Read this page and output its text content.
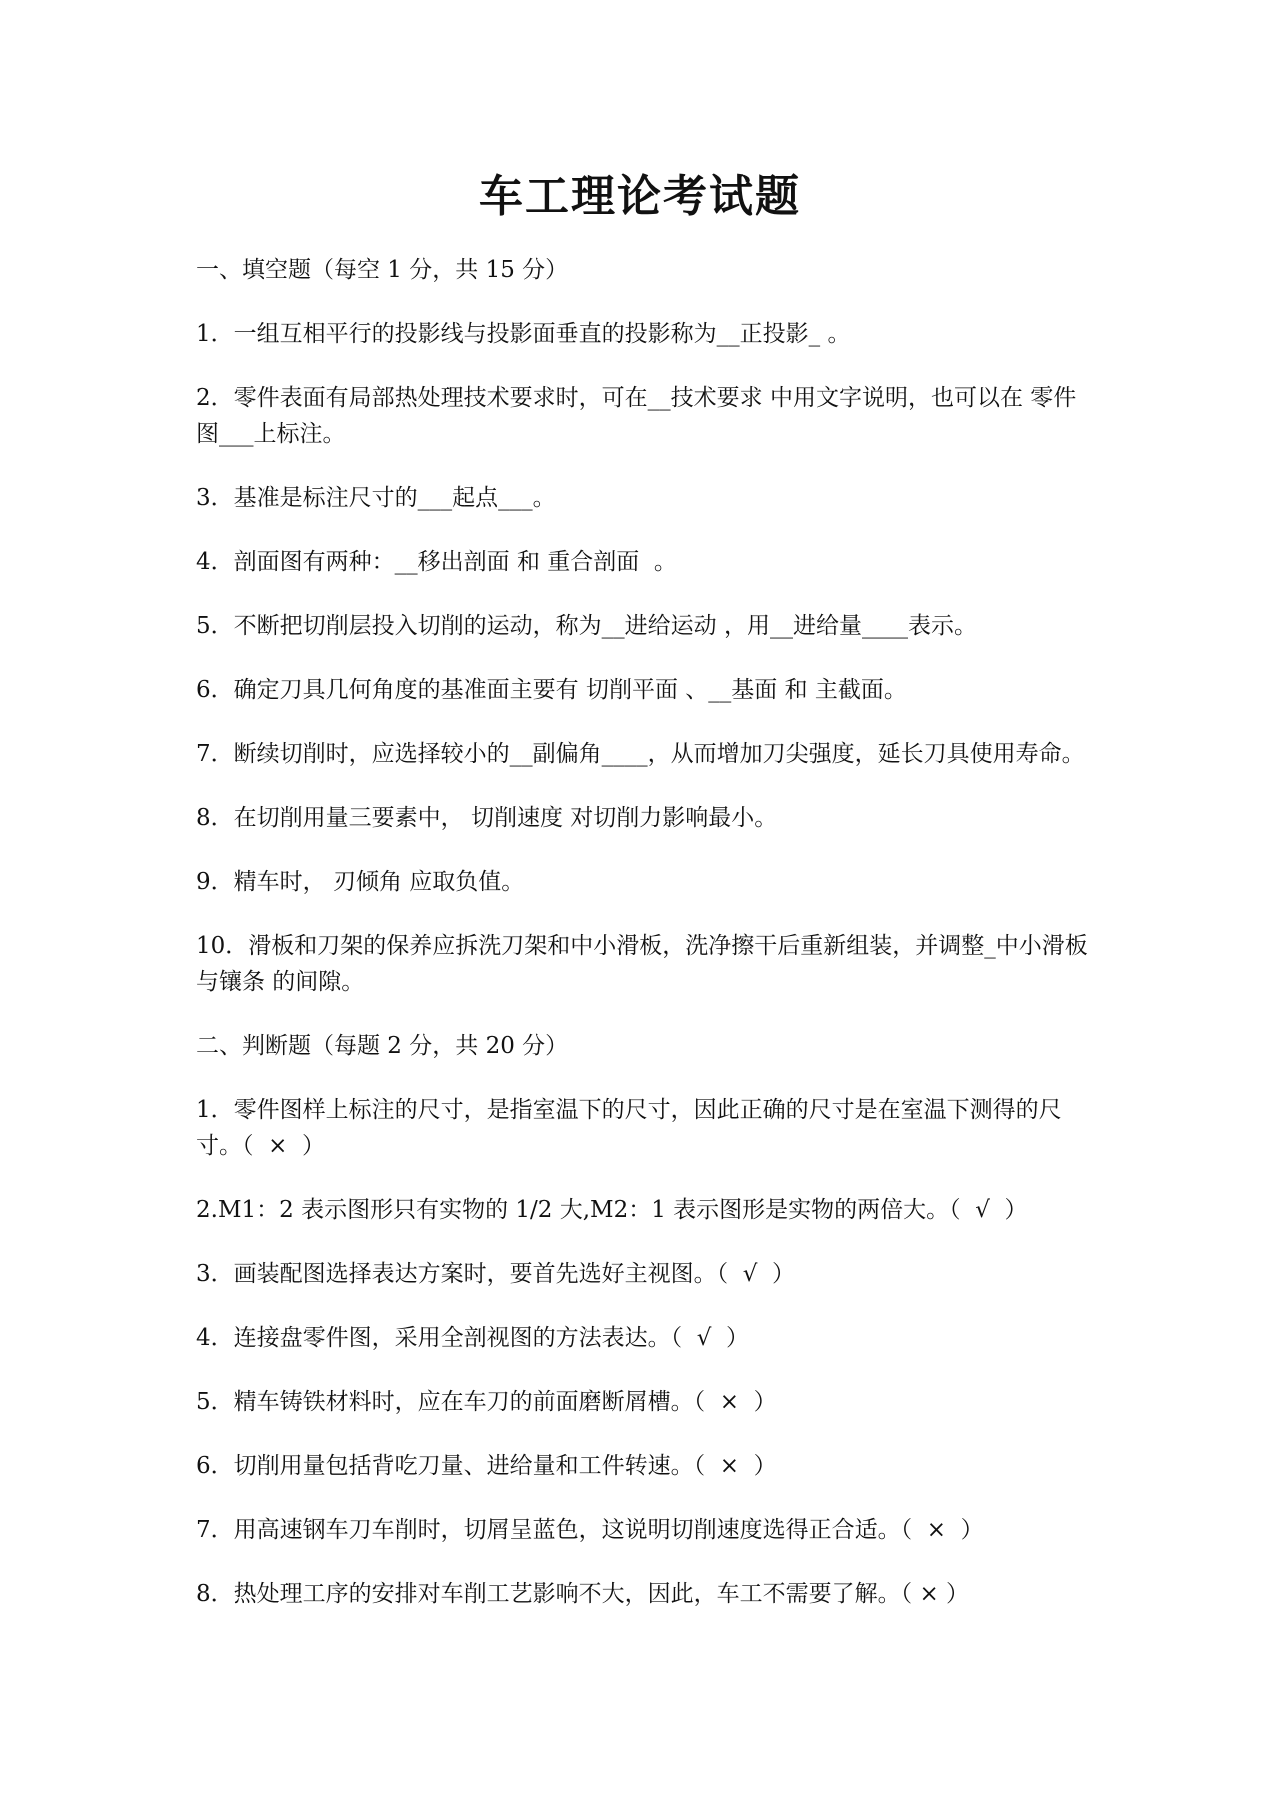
车工理论考试题
一、填空题（每空 1 分，共 15 分）

1．一组互相平行的投影线与投影面垂直的投影称为__正投影_ 。

2．零件表面有局部热处理技术要求时，可在__技术要求 中用文字说明，也可以在 零件图___上标注。

3．基准是标注尺寸的___起点___。

4．剖面图有两种：__移出剖面 和 重合剖面  。

5．不断把切削层投入切削的运动，称为__进给运动 ，用__进给量____表示。

6．确定刀具几何角度的基准面主要有 切削平面 、__基面 和 主截面。

7．断续切削时，应选择较小的__副偏角____，从而增加刀尖强度，延长刀具使用寿命。

8．在切削用量三要素中， 切削速度 对切削力影响最小。

9．精车时， 刃倾角 应取负值。

10．滑板和刀架的保养应拆洗刀架和中小滑板，洗净擦干后重新组装，并调整_中小滑板与镶条 的间隙。

二、判断题（每题 2 分，共 20 分）

1．零件图样上标注的尺寸，是指室温下的尺寸，因此正确的尺寸是在室温下测得的尺寸。（  ×  ）

2.M1：2 表示图形只有实物的 1/2 大,M2：1 表示图形是实物的两倍大。（  √  ）

3．画装配图选择表达方案时，要首先选好主视图。（  √  ）

4．连接盘零件图，采用全剖视图的方法表达。（  √  ）

5．精车铸铁材料时，应在车刀的前面磨断屑槽。（  ×  ）

6．切削用量包括背吃刀量、进给量和工件转速。（  ×  ）

7．用高速钢车刀车削时，切屑呈蓝色，这说明切削速度选得正合适。（  ×  ）

8．热处理工序的安排对车削工艺影响不大，因此，车工不需要了解。（ × ）
